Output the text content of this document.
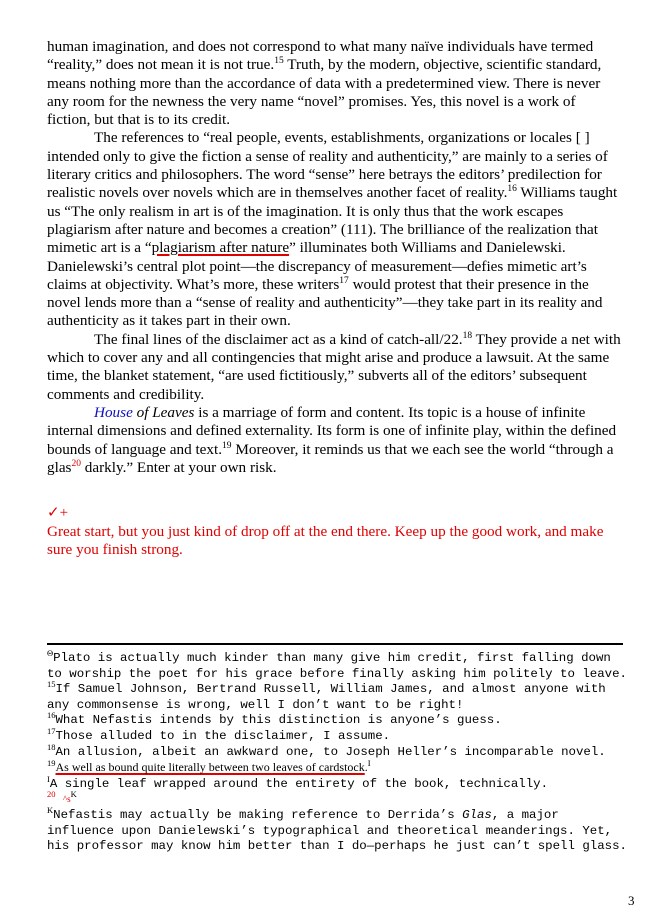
human imagination, and does not correspond to what many naïve individuals have termed “reality,” does not mean it is not true.$^{15}$ Truth, by the modern, objective, scientific standard, means nothing more than the accordance of data with a predetermined view. There is never any room for the newness the very name “novel” promises. Yes, this novel is a work of fiction, but that is to its credit.

The references to “real people, events, establishments, organizations or locales [ ] intended only to give the fiction a sense of reality and authenticity,” are mainly to a series of literary critics and philosophers. The word “sense” here betrays the editors’ predilection for realistic novels over novels which are in themselves another facet of reality.$^{16}$ Williams taught us “The only realism in art is of the imagination. It is only thus that the work escapes plagiarism after nature and becomes a creation” (111). The brilliance of the realization that mimetic art is a “plagiarism after nature” illuminates both Williams and Danielewski. Danielewski’s central plot point—the discrepancy of measurement—defies mimetic art’s claims at objectivity. What’s more, these writers$^{17}$ would protest that their presence in the novel lends more than a “sense of reality and authenticity”—they take part in its reality and authenticity as it takes part in their own.

The final lines of the disclaimer act as a kind of catch-all/22.18 They provide a net with which to cover any and all contingencies that might arise and produce a lawsuit. At the same time, the blanket statement, “are used fictitiously,” subverts all of the editors’ subsequent comments and credibility.

House of Leaves is a marriage of form and content. Its topic is a house of infinite internal dimensions and defined externality. Its form is one of infinite play, within the defined bounds of language and text.$^{19}$ Moreover, it reminds us that we each see the world “through a glas$^{20}$ darkly.” Enter at your own risk.

✓+
Great start, but you just kind of drop off at the end there. Keep up the good work, and make sure you finish strong.

$^\Theta$Plato is actually much kinder than many give him credit, first falling down to worship the poet for his grace before finally asking him politely to leave.

$^{15}$If Samuel Johnson, Bertrand Russell, William James, and almost anyone with any commonsense is wrong, well I don’t want to be right!

$^{16}$What Nefastis intends by this distinction is anyone’s guess.

$^{17}$Those alluded to in the disclaimer, I assume.

$^{18}$An allusion, albeit an awkward one, to Joseph Heller’s incomparable novel.

$^{19}$As well as bound quite literally between two leaves of cardstock.$^I$

$^I$A single leaf wrapped around the entirety of the book, technically.

$^{20}$ $\^{}s^K$

$^K$Nefastis may actually be making reference to Derrida’s Glas, a major influence upon Danielewski’s typographical and theoretical meanderings. Yet, his professor may know him better than I do—perhaps he just can’t spell glass.

3
